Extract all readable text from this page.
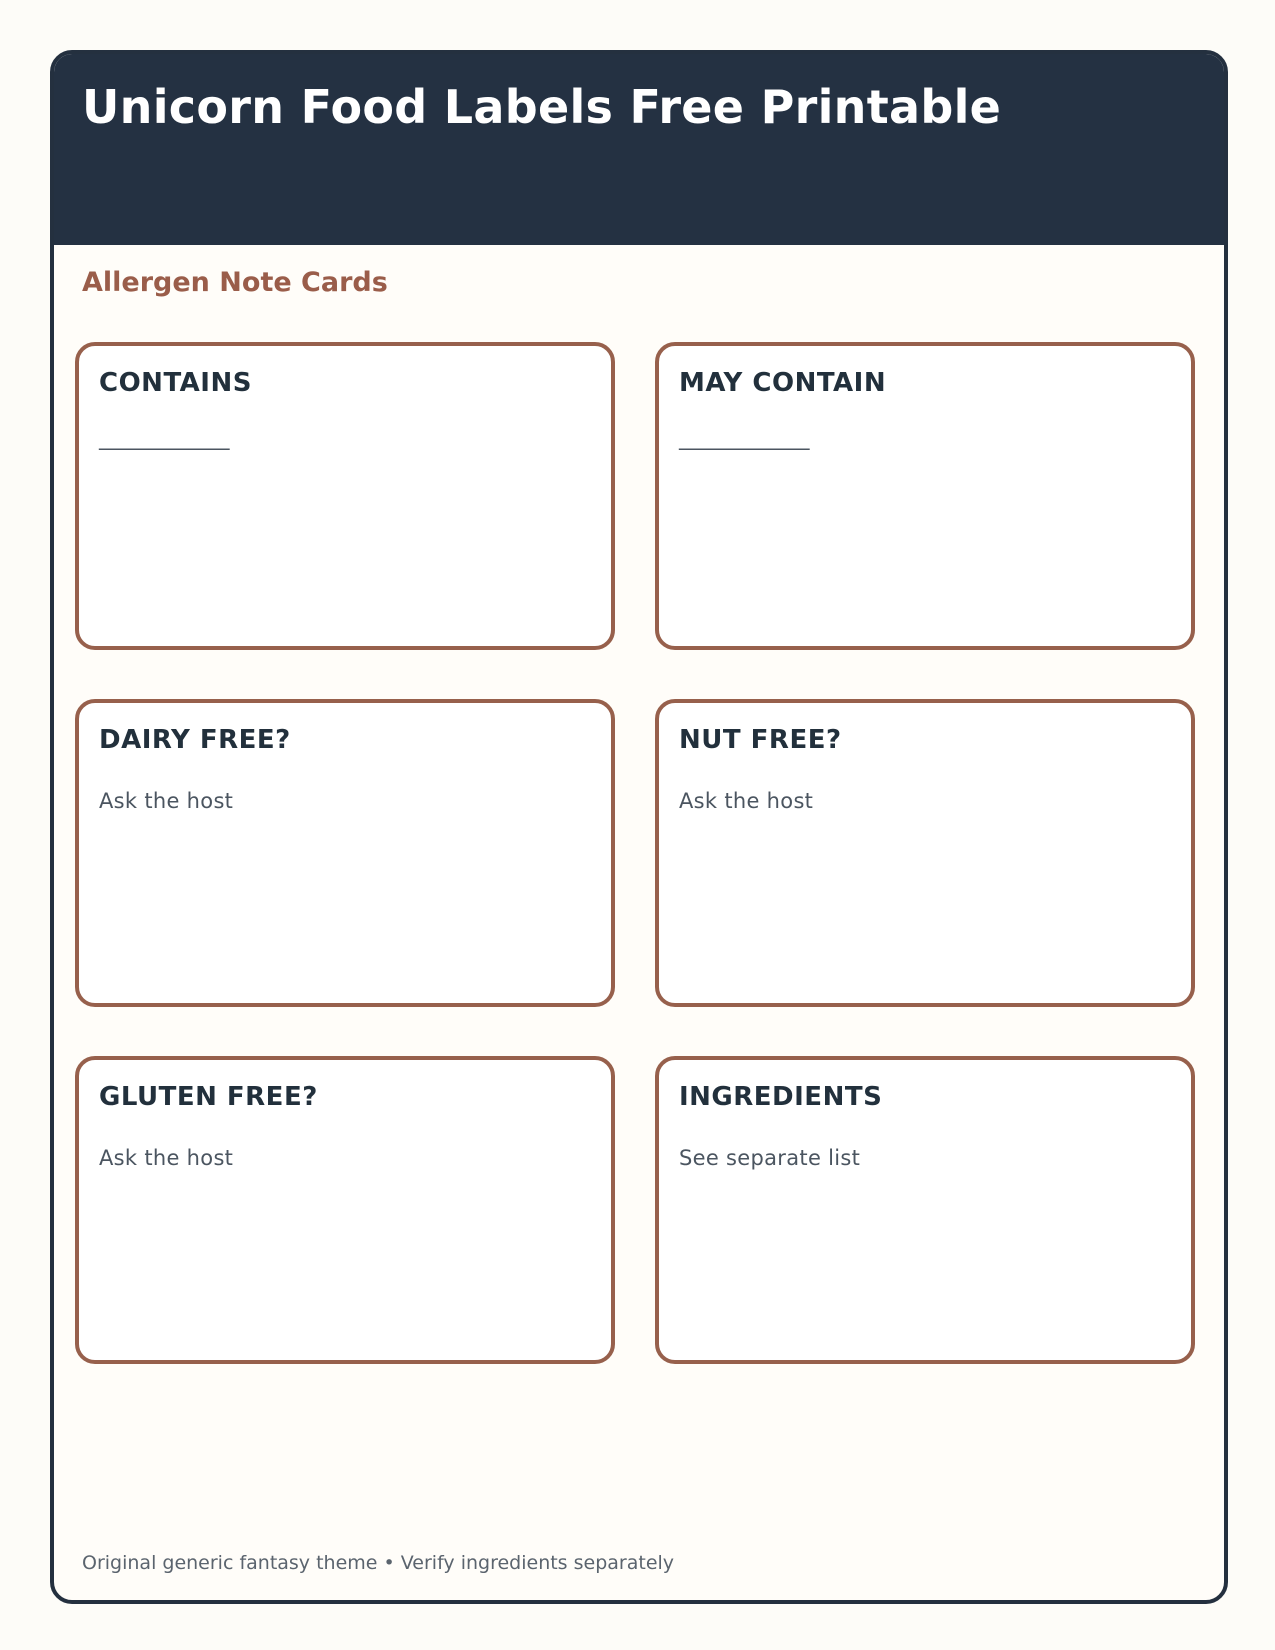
Unicorn Food Labels Free Printable
Allergen Note Cards
CONTAINS
_____________
MAY CONTAIN
_____________
DAIRY FREE?
Ask the host
NUT FREE?
Ask the host
GLUTEN FREE?
Ask the host
INGREDIENTS
See separate list
Original generic fantasy theme • Verify ingredients separately
